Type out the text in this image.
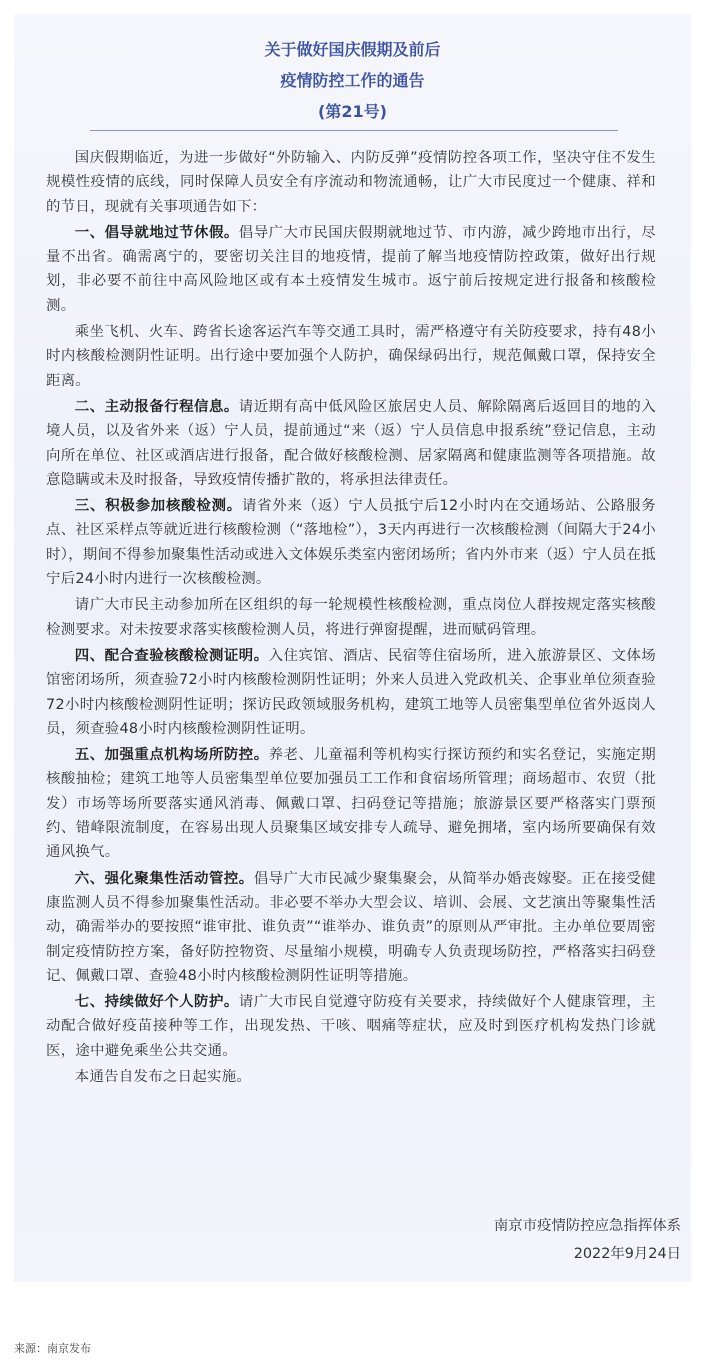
关于做好国庆假期及前后
疫情防控工作的通告
(第21号)

国庆假期临近，为进一步做好“外防输入、内防反弹”疫情防控各项工作，坚决守住不发生规模性疫情的底线，同时保障人员安全有序流动和物流通畅，让广大市民度过一个健康、祥和的节日，现就有关事项通告如下：

一、倡导就地过节休假。倡导广大市民国庆假期就地过节、市内游，减少跨地市出行，尽量不出省。确需离宁的，要密切关注目的地疫情，提前了解当地疫情防控政策，做好出行规划，非必要不前往中高风险地区或有本土疫情发生城市。返宁前后按规定进行报备和核酸检测。

乘坐飞机、火车、跨省长途客运汽车等交通工具时，需严格遵守有关防疫要求，持有48小时内核酸检测阴性证明。出行途中要加强个人防护，确保绿码出行，规范佩戴口罩，保持安全距离。

二、主动报备行程信息。请近期有高中低风险区旅居史人员、解除隔离后返回目的地的入境人员，以及省外来（返）宁人员，提前通过“来（返）宁人员信息申报系统”登记信息，主动向所在单位、社区或酒店进行报备，配合做好核酸检测、居家隔离和健康监测等各项措施。故意隐瞒或未及时报备，导致疫情传播扩散的，将承担法律责任。

三、积极参加核酸检测。请省外来（返）宁人员抵宁后12小时内在交通场站、公路服务点、社区采样点等就近进行核酸检测（“落地检”），3天内再进行一次核酸检测（间隔大于24小时），期间不得参加聚集性活动或进入文体娱乐类室内密闭场所；省内外市来（返）宁人员在抵宁后24小时内进行一次核酸检测。

请广大市民主动参加所在区组织的每一轮规模性核酸检测，重点岗位人群按规定落实核酸检测要求。对未按要求落实核酸检测人员，将进行弹窗提醒，进而赋码管理。

四、配合查验核酸检测证明。入住宾馆、酒店、民宿等住宿场所，进入旅游景区、文体场馆密闭场所，须查验72小时内核酸检测阴性证明；外来人员进入党政机关、企事业单位须查验72小时内核酸检测阴性证明；探访民政领域服务机构，建筑工地等人员密集型单位省外返岗人员，须查验48小时内核酸检测阴性证明。

五、加强重点机构场所防控。养老、儿童福利等机构实行探访预约和实名登记，实施定期核酸抽检；建筑工地等人员密集型单位要加强员工工作和食宿场所管理；商场超市、农贸（批发）市场等场所要落实通风消毒、佩戴口罩、扫码登记等措施；旅游景区要严格落实门票预约、错峰限流制度，在容易出现人员聚集区域安排专人疏导、避免拥堵，室内场所要确保有效通风换气。

六、强化聚集性活动管控。倡导广大市民减少聚集聚会，从简举办婚丧嫁娶。正在接受健康监测人员不得参加聚集性活动。非必要不举办大型会议、培训、会展、文艺演出等聚集性活动，确需举办的要按照“谁审批、谁负责”“谁举办、谁负责”的原则从严审批。主办单位要周密制定疫情防控方案，备好防控物资、尽量缩小规模，明确专人负责现场防控，严格落实扫码登记、佩戴口罩、查验48小时内核酸检测阴性证明等措施。

七、持续做好个人防护。请广大市民自觉遵守防疫有关要求，持续做好个人健康管理，主动配合做好疫苗接种等工作，出现发热、干咳、咽痛等症状，应及时到医疗机构发热门诊就医，途中避免乘坐公共交通。

本通告自发布之日起实施。

南京市疫情防控应急指挥体系
2022年9月24日
来源：南京发布
